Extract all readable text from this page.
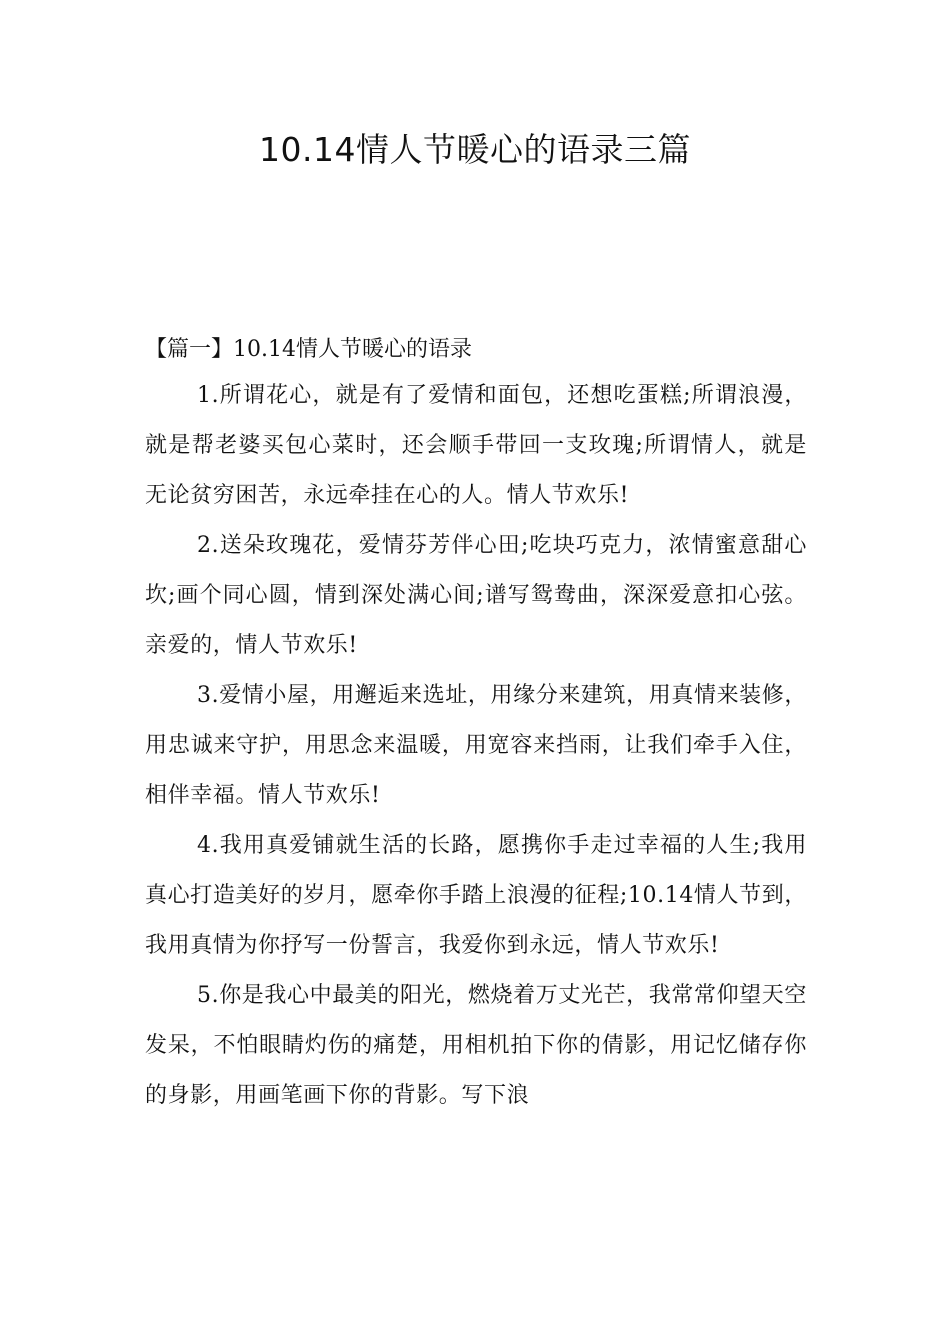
10.14情人节暖心的语录三篇

【篇一】10.14情人节暖心的语录

1.所谓花心，就是有了爱情和面包，还想吃蛋糕;所谓浪漫，就是帮老婆买包心菜时，还会顺手带回一支玫瑰;所谓情人，就是无论贫穷困苦，永远牵挂在心的人。情人节欢乐!

2.送朵玫瑰花，爱情芬芳伴心田;吃块巧克力，浓情蜜意甜心坎;画个同心圆，情到深处满心间;谱写鸳鸯曲，深深爱意扣心弦。亲爱的，情人节欢乐!

3.爱情小屋，用邂逅来选址，用缘分来建筑，用真情来装修，用忠诚来守护，用思念来温暖，用宽容来挡雨，让我们牵手入住，相伴幸福。情人节欢乐!

4.我用真爱铺就生活的长路，愿携你手走过幸福的人生;我用真心打造美好的岁月，愿牵你手踏上浪漫的征程;10.14情人节到，我用真情为你抒写一份誓言，我爱你到永远，情人节欢乐!

5.你是我心中最美的阳光，燃烧着万丈光芒，我常常仰望天空发呆，不怕眼睛灼伤的痛楚，用相机拍下你的倩影，用记忆储存你的身影，用画笔画下你的背影。写下浪
